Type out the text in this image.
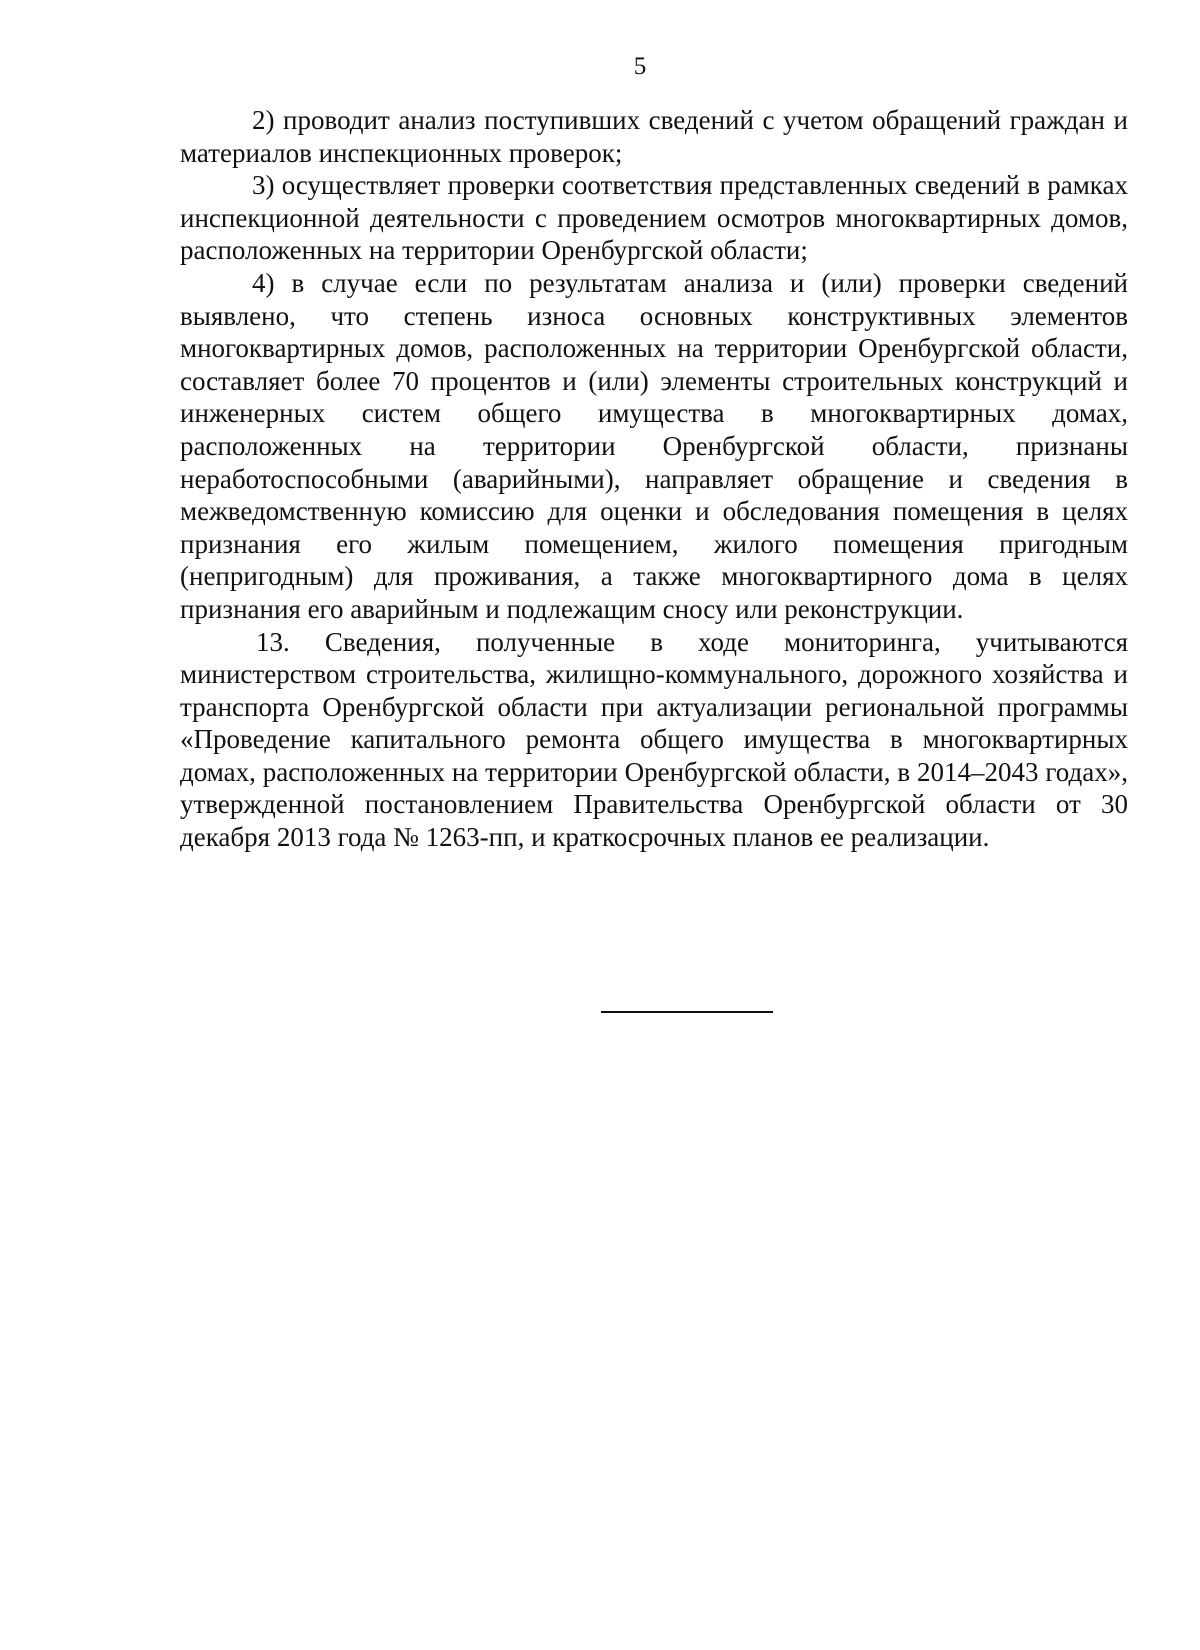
5

2) проводит анализ поступивших сведений с учетом обращений граждан и материалов инспекционных проверок;

3) осуществляет проверки соответствия представленных сведений в рамках инспекционной деятельности с проведением осмотров многоквартирных домов, расположенных на территории Оренбургской области;

4) в случае если по результатам анализа и (или) проверки сведений выявлено, что степень износа основных конструктивных элементов многоквартирных домов, расположенных на территории Оренбургской области, составляет более 70 процентов и (или) элементы строительных конструкций и инженерных систем общего имущества в многоквартирных домах, расположенных на территории Оренбургской области, признаны неработоспособными (аварийными), направляет обращение и сведения в межведомственную комиссию для оценки и обследования помещения в целях признания его жилым помещением, жилого помещения пригодным (непригодным) для проживания, а также многоквартирного дома в целях признания его аварийным и подлежащим сносу или реконструкции.

13. Сведения, полученные в ходе мониторинга, учитываются министерством строительства, жилищно-коммунального, дорожного хозяйства и транспорта Оренбургской области при актуализации региональной программы «Проведение капитального ремонта общего имущества в многоквартирных домах, расположенных на территории Оренбургской области, в 2014–2043 годах», утвержденной постановлением Правительства Оренбургской области от 30 декабря 2013 года № 1263-пп, и краткосрочных планов ее реализации.
